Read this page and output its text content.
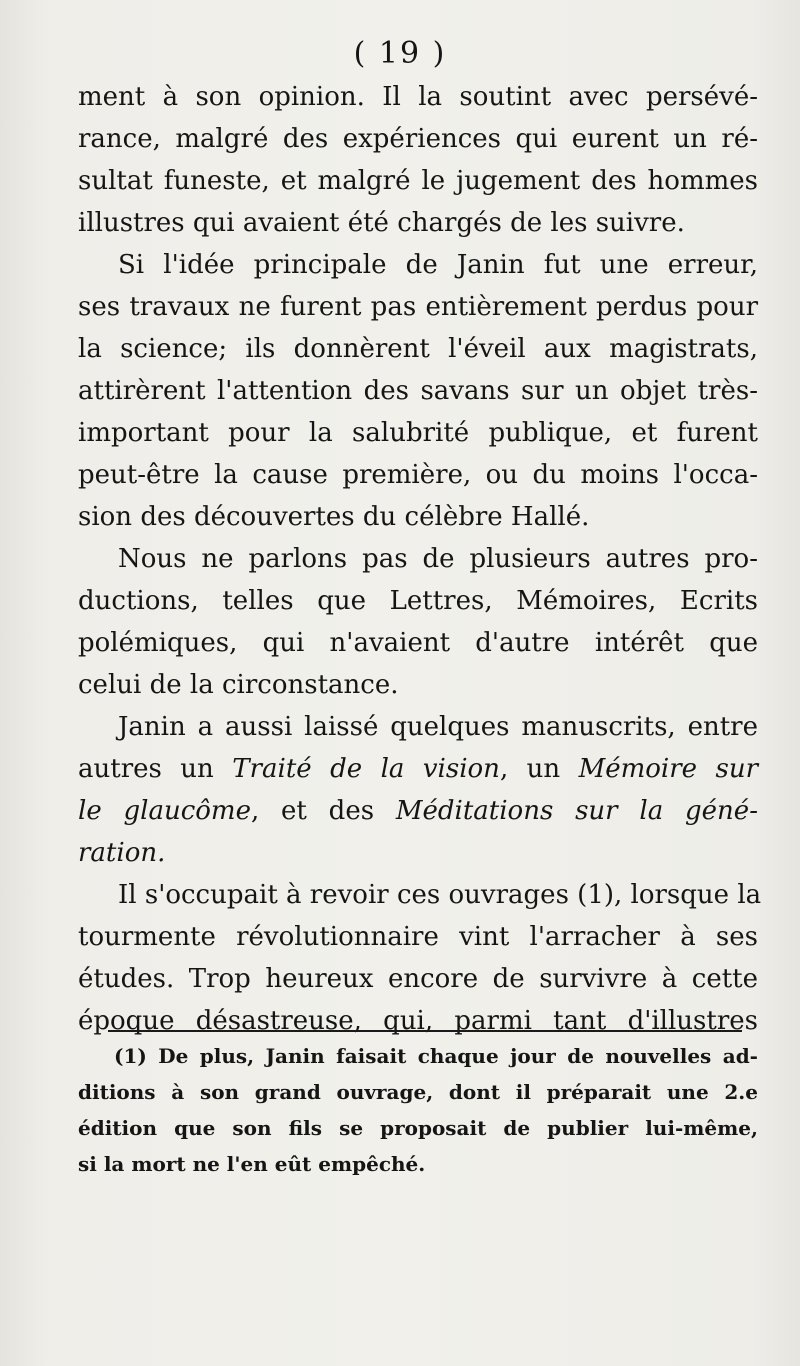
( 19 )
ment à son opinion. Il la soutint avec persévé-
rance, malgré des expériences qui eurent un ré-
sultat funeste, et malgré le jugement des hommes
illustres qui avaient été chargés de les suivre.
Si l'idée principale de Janin fut une erreur,
ses travaux ne furent pas entièrement perdus pour
la science; ils donnèrent l'éveil aux magistrats,
attirèrent l'attention des savans sur un objet très-
important pour la salubrité publique, et furent
peut-être la cause première, ou du moins l'occa-
sion des découvertes du célèbre Hallé.
Nous ne parlons pas de plusieurs autres pro-
ductions, telles que Lettres, Mémoires, Ecrits
polémiques, qui n'avaient d'autre intérêt que
celui de la circonstance.
Janin a aussi laissé quelques manuscrits, entre
autres un Traité de la vision, un Mémoire sur
le glaucôme, et des Méditations sur la géné-
ration.
Il s'occupait à revoir ces ouvrages (1), lorsque la
tourmente révolutionnaire vint l'arracher à ses
études. Trop heureux encore de survivre à cette
époque désastreuse, qui, parmi tant d'illustres
(1) De plus, Janin faisait chaque jour de nouvelles ad-
ditions à son grand ouvrage, dont il préparait une 2.e
édition que son fils se proposait de publier lui-même,
si la mort ne l'en eût empêché.
